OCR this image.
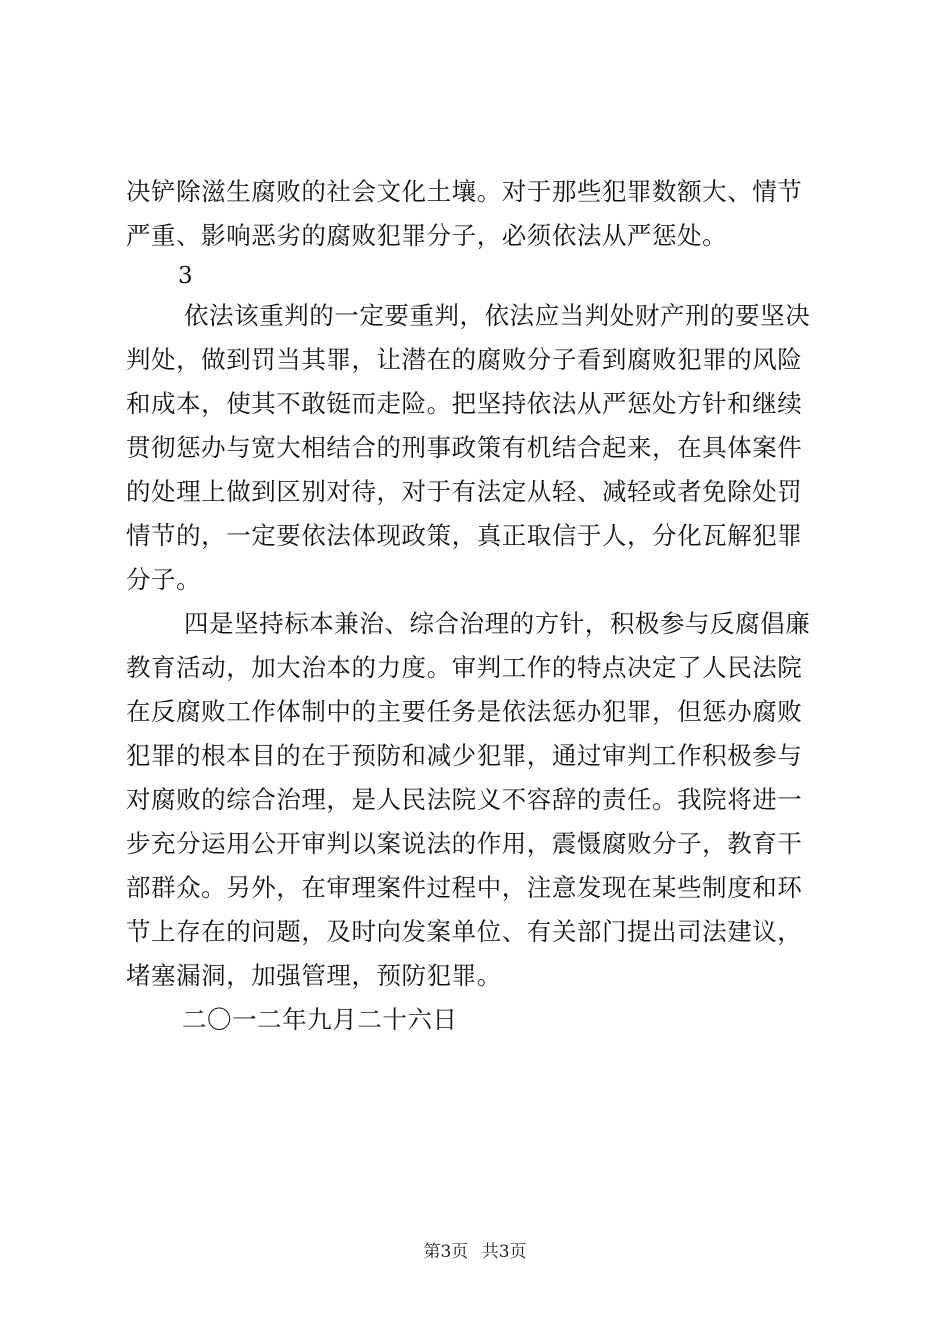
决铲除滋生腐败的社会文化土壤。对于那些犯罪数额大、情节
严重、影响恶劣的腐败犯罪分子，必须依法从严惩处。
3
依法该重判的一定要重判，依法应当判处财产刑的要坚决
判处，做到罚当其罪，让潜在的腐败分子看到腐败犯罪的风险
和成本，使其不敢铤而走险。把坚持依法从严惩处方针和继续
贯彻惩办与宽大相结合的刑事政策有机结合起来，在具体案件
的处理上做到区别对待，对于有法定从轻、减轻或者免除处罚
情节的，一定要依法体现政策，真正取信于人，分化瓦解犯罪
分子。
四是坚持标本兼治、综合治理的方针，积极参与反腐倡廉
教育活动，加大治本的力度。审判工作的特点决定了人民法院
在反腐败工作体制中的主要任务是依法惩办犯罪，但惩办腐败
犯罪的根本目的在于预防和减少犯罪，通过审判工作积极参与
对腐败的综合治理，是人民法院义不容辞的责任。我院将进一
步充分运用公开审判以案说法的作用，震慑腐败分子，教育干
部群众。另外，在审理案件过程中，注意发现在某些制度和环
节上存在的问题，及时向发案单位、有关部门提出司法建议，
堵塞漏洞，加强管理，预防犯罪。
二〇一二年九月二十六日
第3页 共3页
